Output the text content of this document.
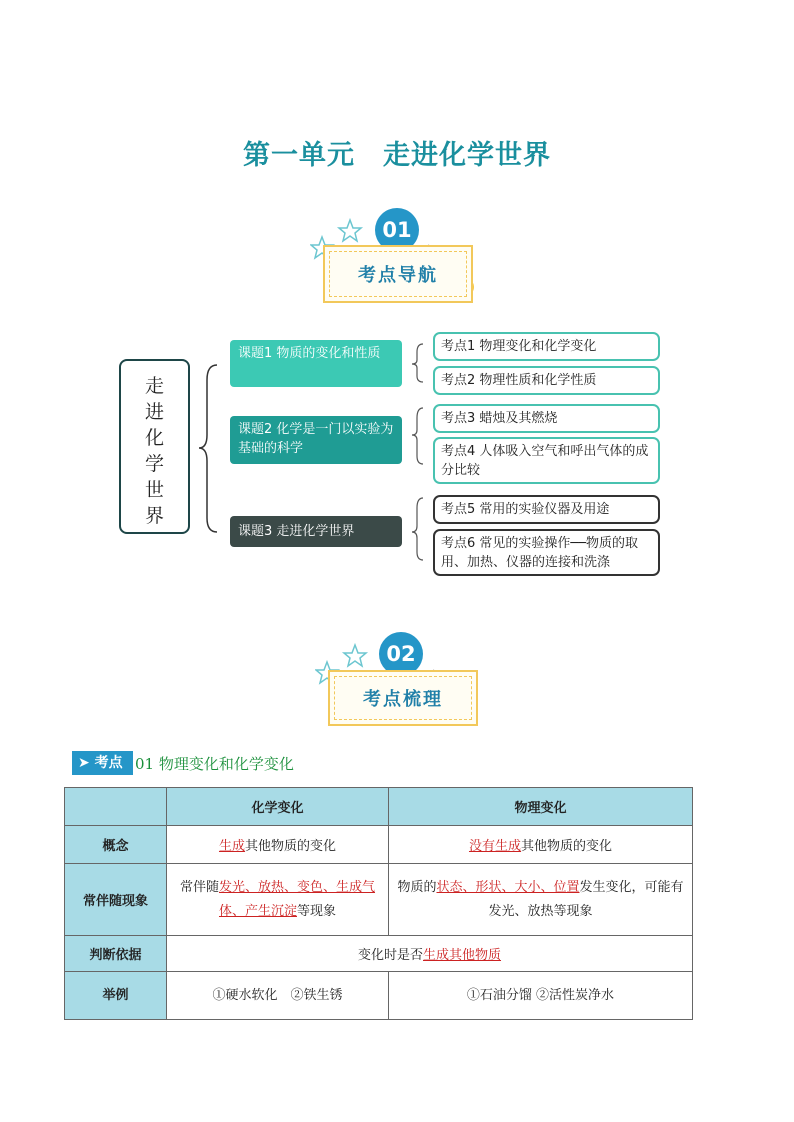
第一单元　走进化学世界
01
考点导航
走
进
化
学
世
界
课题1 物质的变化和性质
课题2 化学是一门以实验为基础的科学
课题3 走进化学世界
考点1 物理变化和化学变化
考点2 物理性质和化学性质
考点3 蜡烛及其燃烧
考点4 人体吸入空气和呼出气体的成分比较
考点5 常用的实验仪器及用途
考点6 常见的实验操作──物质的取用、加热、仪器的连接和洗涤
02
考点梳理
➤ 考点 01 物理变化和化学变化
	化学变化	物理变化
概念	生成其他物质的变化	没有生成其他物质的变化
常伴随现象	常伴随发光、放热、变色、生成气体、产生沉淀等现象	物质的状态、形状、大小、位置发生变化，可能有发光、放热等现象
判断依据	变化时是否生成其他物质	
举例	①硬水软化　②铁生锈	①石油分馏 ②活性炭净水
